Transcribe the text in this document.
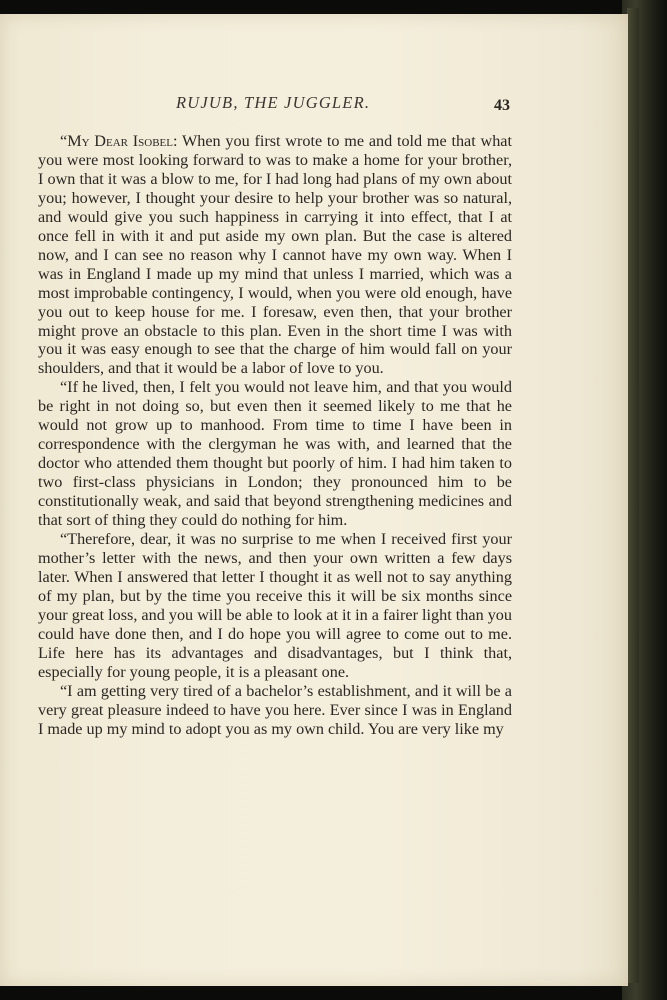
RUJUB, THE JUGGLER.	43

“My Dear Isobel: When you first wrote to me and told me that what you were most looking forward to was to make a home for your brother, I own that it was a blow to me, for I had long had plans of my own about you; however, I thought your desire to help your brother was so natural, and would give you such happiness in carrying it into effect, that I at once fell in with it and put aside my own plan. But the case is altered now, and I can see no reason why I cannot have my own way. When I was in England I made up my mind that unless I married, which was a most improbable contingency, I would, when you were old enough, have you out to keep house for me. I foresaw, even then, that your brother might prove an obstacle to this plan. Even in the short time I was with you it was easy enough to see that the charge of him would fall on your shoulders, and that it would be a labor of love to you.

“If he lived, then, I felt you would not leave him, and that you would be right in not doing so, but even then it seemed likely to me that he would not grow up to manhood. From time to time I have been in correspondence with the clergyman he was with, and learned that the doctor who attended them thought but poorly of him. I had him taken to two first-class physicians in London; they pronounced him to be constitutionally weak, and said that beyond strengthening medicines and that sort of thing they could do nothing for him.

“Therefore, dear, it was no surprise to me when I received first your mother’s letter with the news, and then your own written a few days later. When I answered that letter I thought it as well not to say anything of my plan, but by the time you receive this it will be six months since your great loss, and you will be able to look at it in a fairer light than you could have done then, and I do hope you will agree to come out to me. Life here has its advantages and disadvantages, but I think that, especially for young people, it is a pleasant one.

“I am getting very tired of a bachelor’s establishment, and it will be a very great pleasure indeed to have you here. Ever since I was in England I made up my mind to adopt you as my own child. You are very like my
